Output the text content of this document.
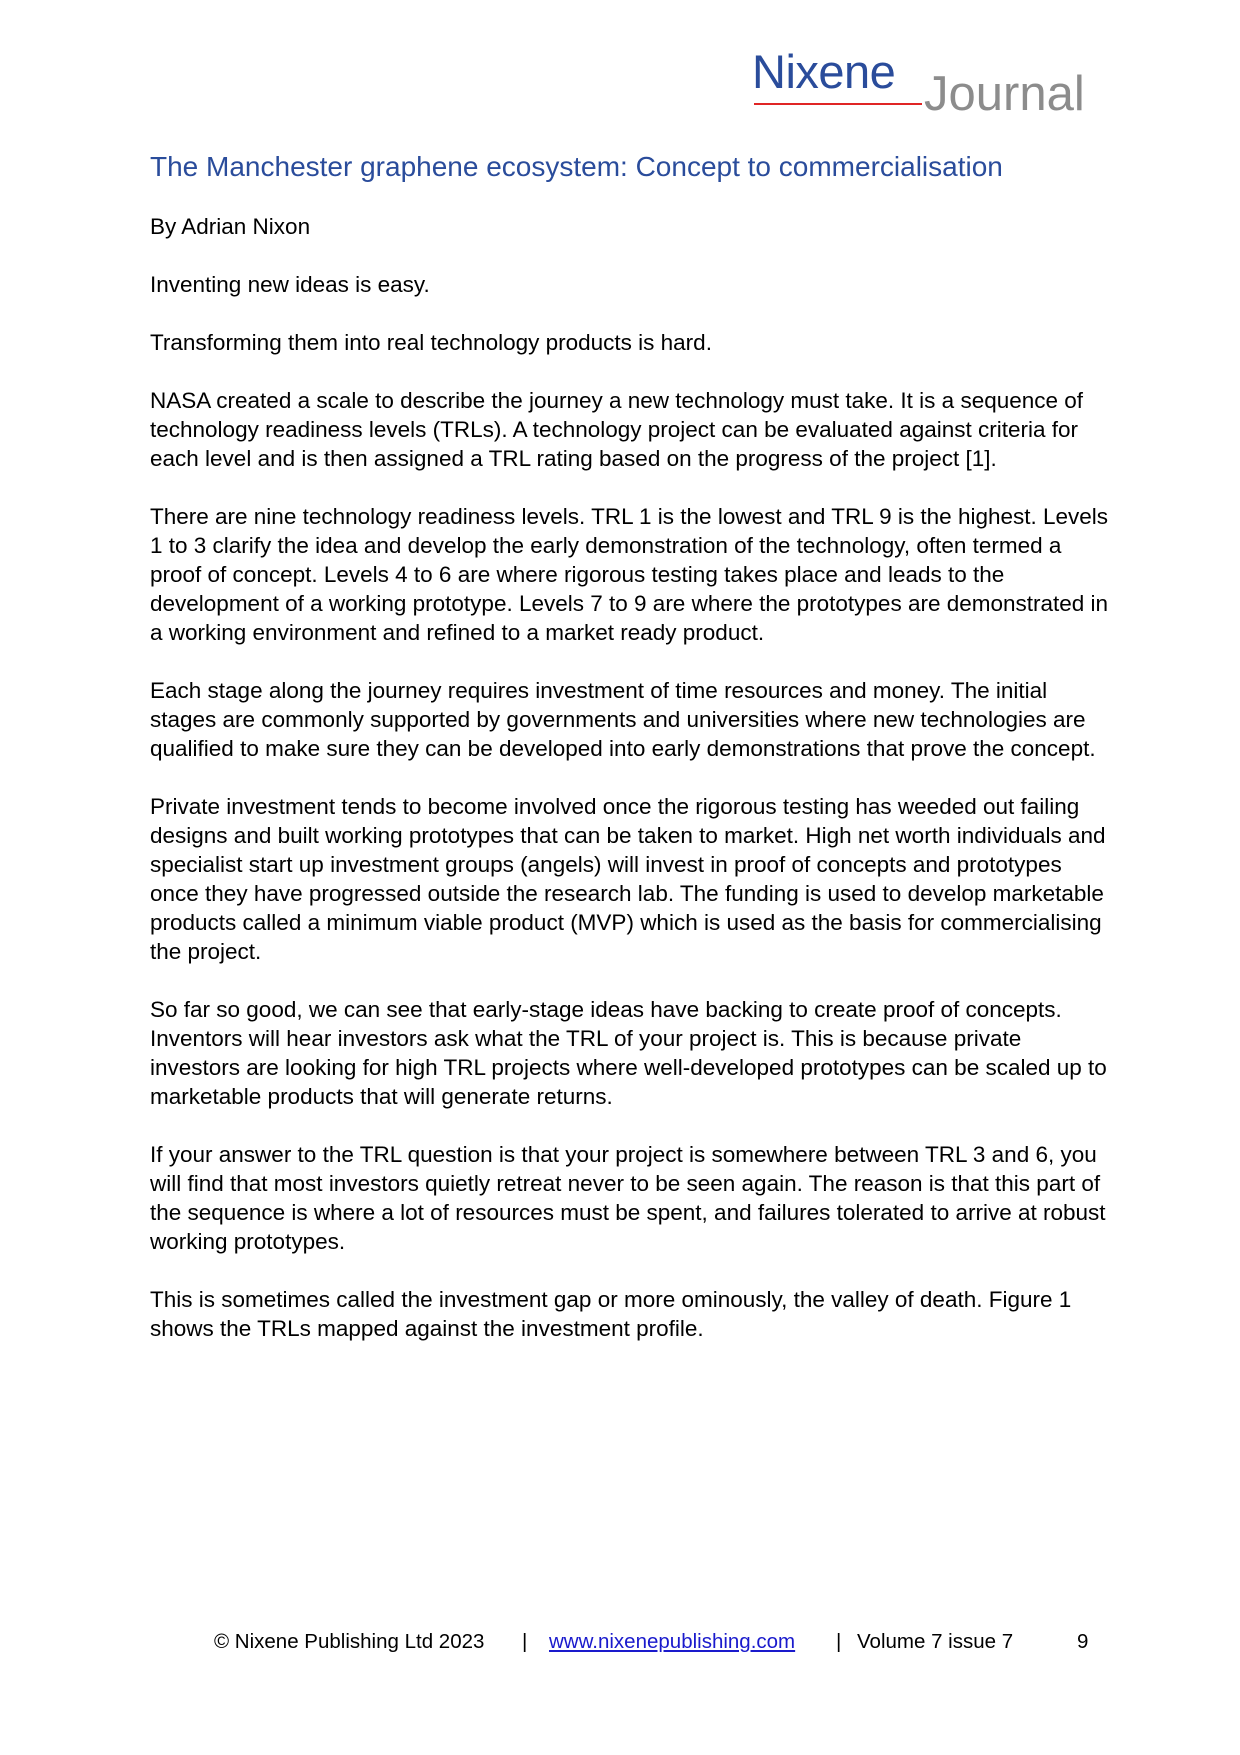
Nixene Journal
The Manchester graphene ecosystem: Concept to commercialisation

By Adrian Nixon

Inventing new ideas is easy.

Transforming them into real technology products is hard.

NASA created a scale to describe the journey a new technology must take. It is a sequence of technology readiness levels (TRLs). A technology project can be evaluated against criteria for each level and is then assigned a TRL rating based on the progress of the project [1].

There are nine technology readiness levels. TRL 1 is the lowest and TRL 9 is the highest. Levels 1 to 3 clarify the idea and develop the early demonstration of the technology, often termed a proof of concept. Levels 4 to 6 are where rigorous testing takes place and leads to the development of a working prototype. Levels 7 to 9 are where the prototypes are demonstrated in a working environment and refined to a market ready product.

Each stage along the journey requires investment of time resources and money. The initial stages are commonly supported by governments and universities where new technologies are qualified to make sure they can be developed into early demonstrations that prove the concept.

Private investment tends to become involved once the rigorous testing has weeded out failing designs and built working prototypes that can be taken to market. High net worth individuals and specialist start up investment groups (angels) will invest in proof of concepts and prototypes once they have progressed outside the research lab. The funding is used to develop marketable products called a minimum viable product (MVP) which is used as the basis for commercialising the project.

So far so good, we can see that early-stage ideas have backing to create proof of concepts. Inventors will hear investors ask what the TRL of your project is. This is because private investors are looking for high TRL projects where well-developed prototypes can be scaled up to marketable products that will generate returns.

If your answer to the TRL question is that your project is somewhere between TRL 3 and 6, you will find that most investors quietly retreat never to be seen again. The reason is that this part of the sequence is where a lot of resources must be spent, and failures tolerated to arrive at robust working prototypes.

This is sometimes called the investment gap or more ominously, the valley of death. Figure 1 shows the TRLs mapped against the investment profile.

© Nixene Publishing Ltd 2023 | www.nixenepublishing.com | Volume 7 issue 7	9
